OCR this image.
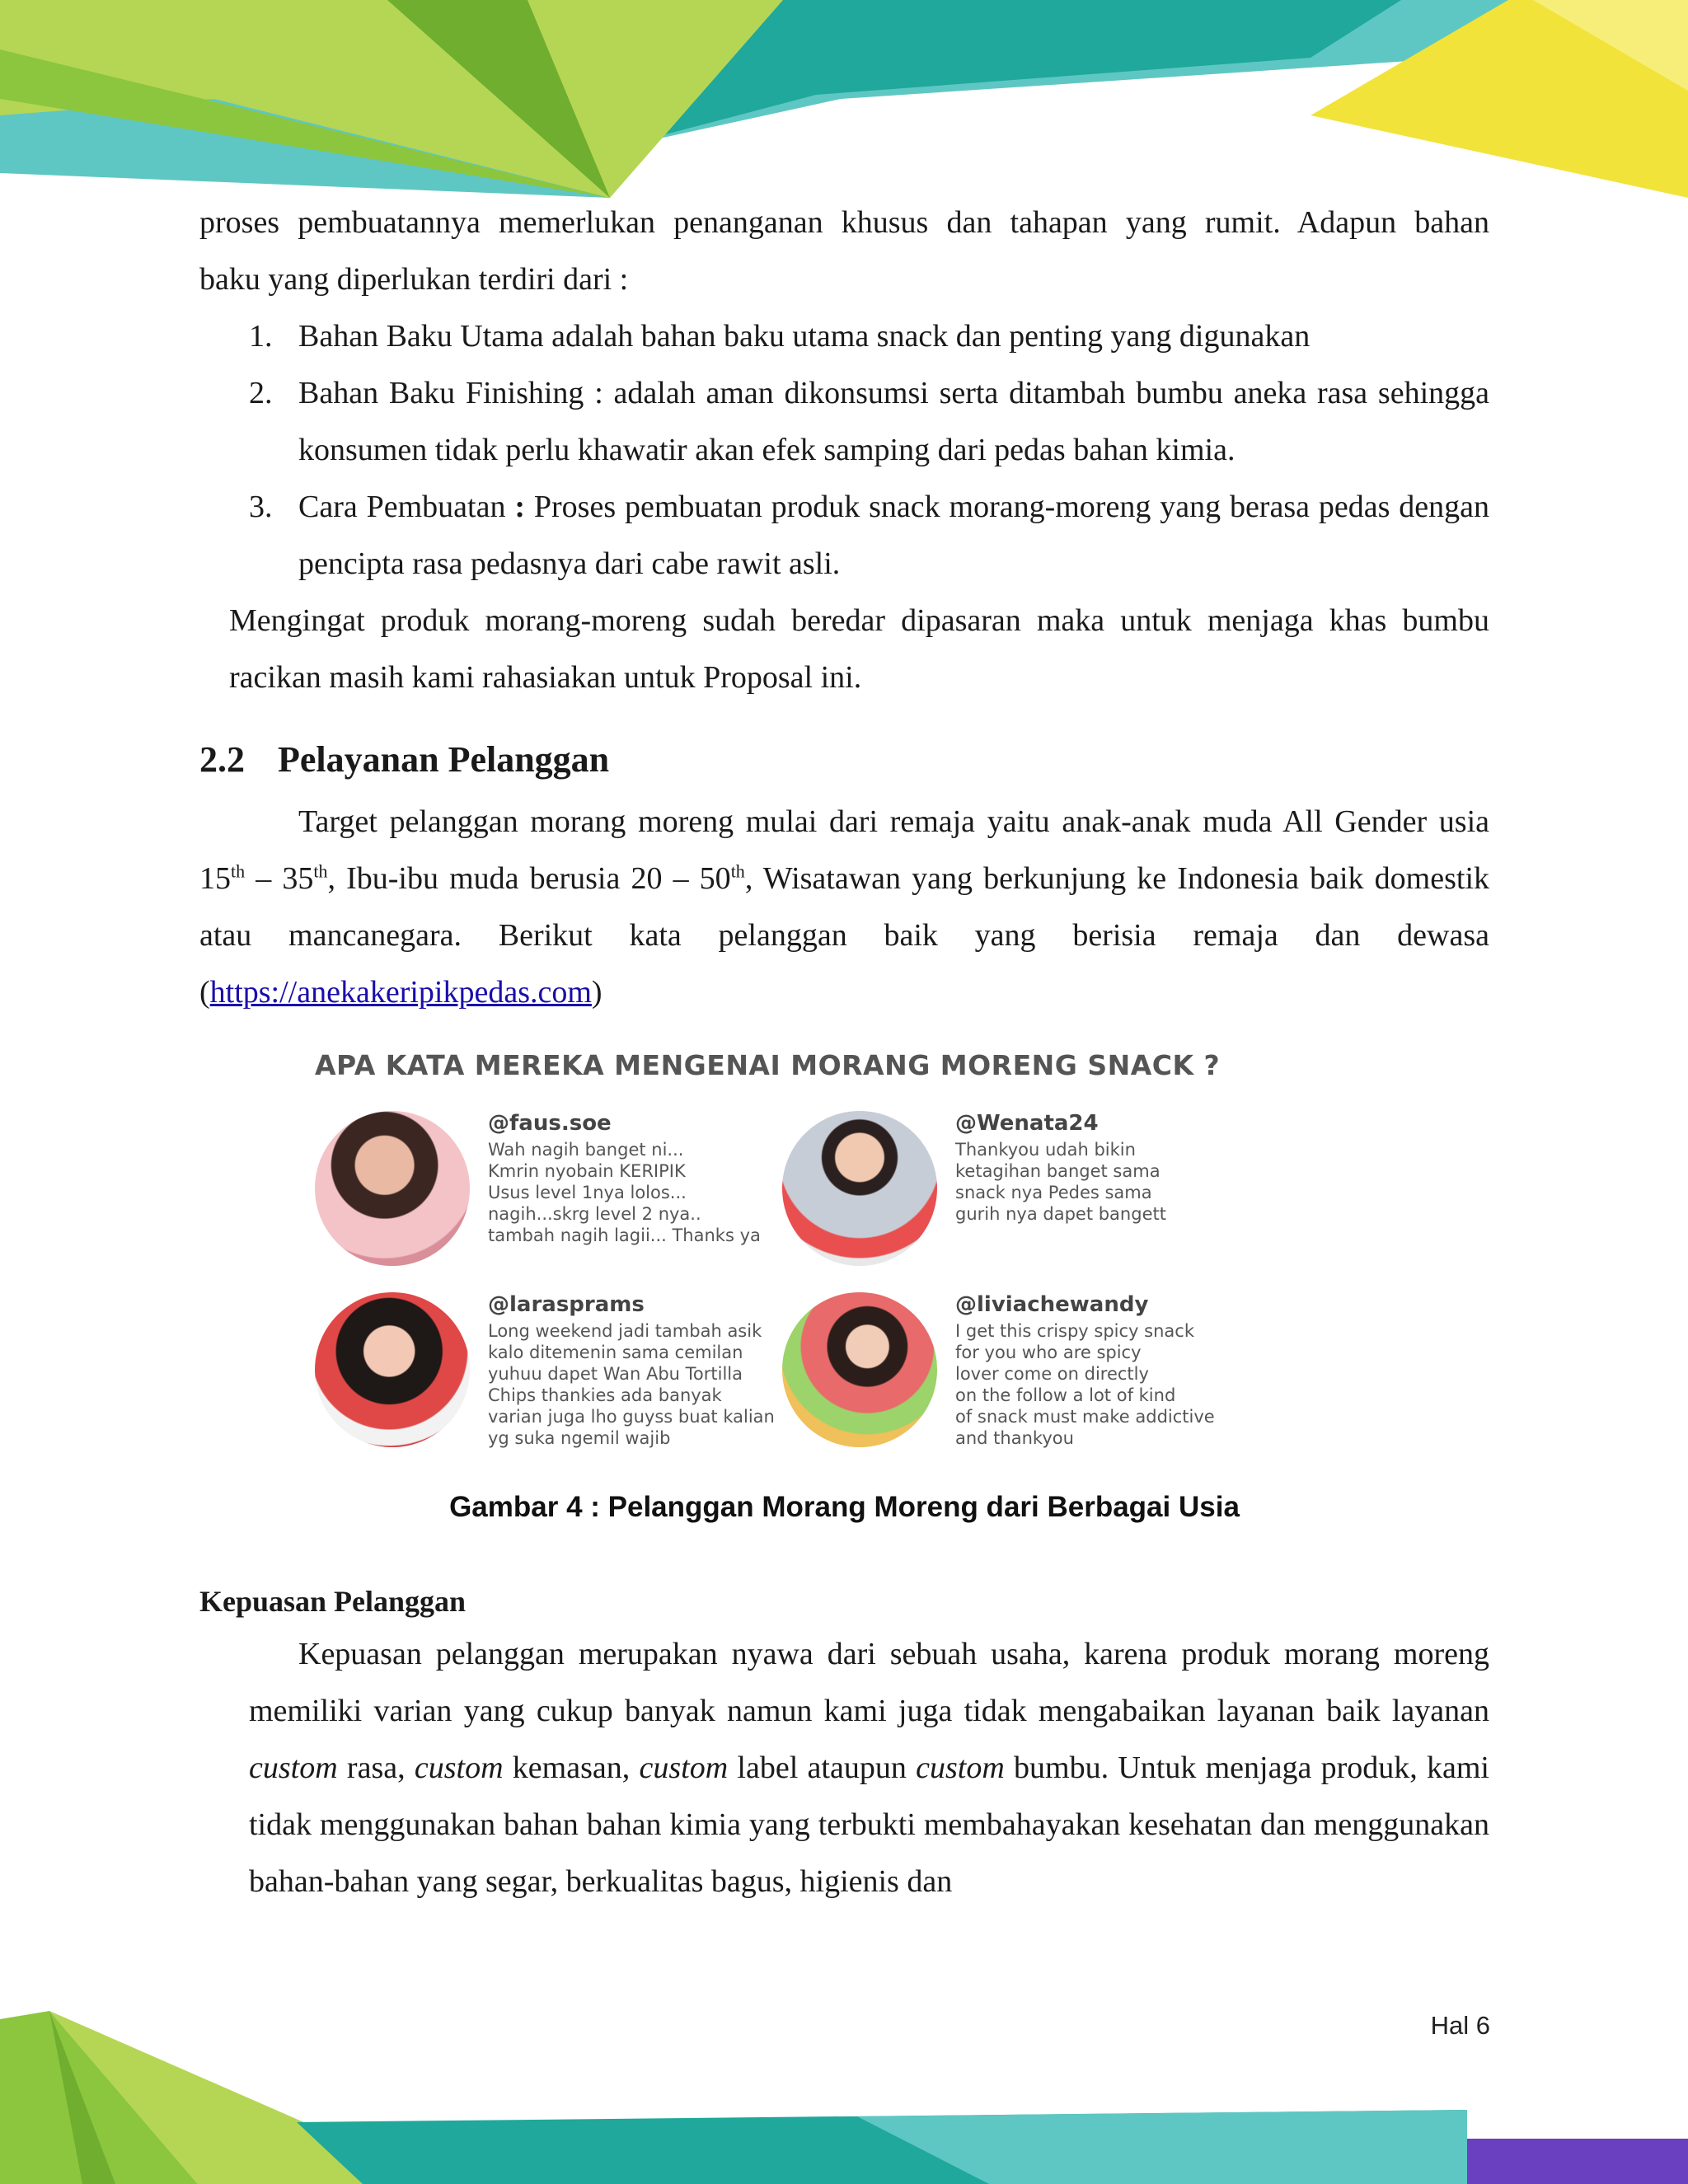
proses pembuatannya memerlukan penanganan khusus dan tahapan yang rumit. Adapun bahan

baku yang diperlukan terdiri dari :

1. Bahan Baku Utama adalah bahan baku utama snack dan penting yang digunakan
2. Bahan Baku Finishing : adalah aman dikonsumsi serta ditambah bumbu aneka rasa sehingga konsumen tidak perlu khawatir akan efek samping dari pedas bahan kimia.
3. Cara Pembuatan : Proses pembuatan produk snack morang-moreng yang berasa pedas dengan pencipta rasa pedasnya dari cabe rawit asli.

Mengingat produk morang-moreng sudah beredar dipasaran maka untuk menjaga khas bumbu racikan masih kami rahasiakan untuk Proposal ini.

2.2 Pelayanan Pelanggan

Target pelanggan morang moreng mulai dari remaja yaitu anak-anak muda All Gender usia 15th – 35th, Ibu-ibu muda berusia 20 – 50th, Wisatawan yang berkunjung ke Indonesia baik domestik atau mancanegara. Berikut kata pelanggan baik yang berisia remaja dan dewasa (https://anekakeripikpedas.com)

APA KATA MEREKA MENGENAI MORANG MORENG SNACK ?
@faus.soe
Wah nagih banget ni...
Kmrin nyobain KERIPIK
Usus level 1nya lolos...
nagih...skrg level 2 nya..
tambah nagih lagii... Thanks ya
@Wenata24
Thankyou udah bikin
ketagihan banget sama
snack nya Pedes sama
gurih nya dapet bangett
@larasprams
Long weekend jadi tambah asik
kalo ditemenin sama cemilan
yuhuu dapet Wan Abu Tortilla
Chips thankies ada banyak
varian juga lho guyss buat kalian
yg suka ngemil wajib
@liviachewandy
I get this crispy spicy snack
for you who are spicy
lover come on directly
on the follow a lot of kind
of snack must make addictive
and thankyou
Gambar 4 : Pelanggan Morang Moreng dari Berbagai Usia
Kepuasan Pelanggan

Kepuasan pelanggan merupakan nyawa dari sebuah usaha, karena produk morang moreng memiliki varian yang cukup banyak namun kami juga tidak mengabaikan layanan baik layanan custom rasa, custom kemasan, custom label ataupun custom bumbu. Untuk menjaga produk, kami tidak menggunakan bahan bahan kimia yang terbukti membahayakan kesehatan dan menggunakan bahan-bahan yang segar, berkualitas bagus, higienis dan

Hal 6
